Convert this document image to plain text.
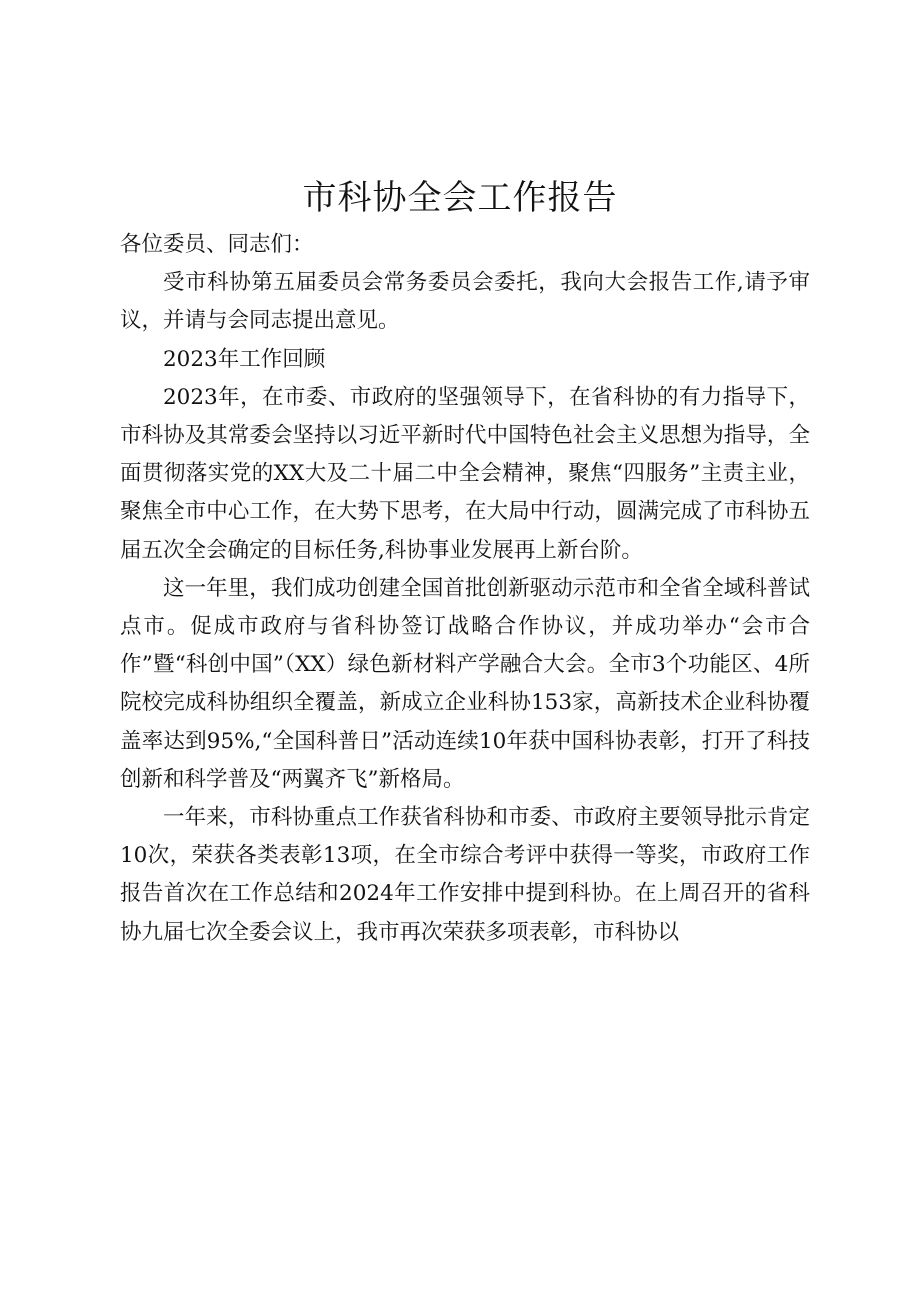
市科协全会工作报告

各位委员、同志们：

受市科协第五届委员会常务委员会委托，我向大会报告工作,请予审议，并请与会同志提出意见。

2023年工作回顾

2023年，在市委、市政府的坚强领导下，在省科协的有力指导下，市科协及其常委会坚持以习近平新时代中国特色社会主义思想为指导，全面贯彻落实党的XX大及二十届二中全会精神，聚焦“四服务”主责主业，聚焦全市中心工作，在大势下思考，在大局中行动，圆满完成了市科协五届五次全会确定的目标任务,科协事业发展再上新台阶。

这一年里，我们成功创建全国首批创新驱动示范市和全省全域科普试点市。促成市政府与省科协签订战略合作协议，并成功举办“会市合作”暨“科创中国”（XX）绿色新材料产学融合大会。全市3个功能区、4所院校完成科协组织全覆盖，新成立企业科协153家，高新技术企业科协覆盖率达到95%,“全国科普日”活动连续10年获中国科协表彰，打开了科技创新和科学普及“两翼齐飞”新格局。

一年来，市科协重点工作获省科协和市委、市政府主要领导批示肯定10次，荣获各类表彰13项，在全市综合考评中获得一等奖，市政府工作报告首次在工作总结和2024年工作安排中提到科协。在上周召开的省科协九届七次全委会议上，我市再次荣获多项表彰，市科协以
